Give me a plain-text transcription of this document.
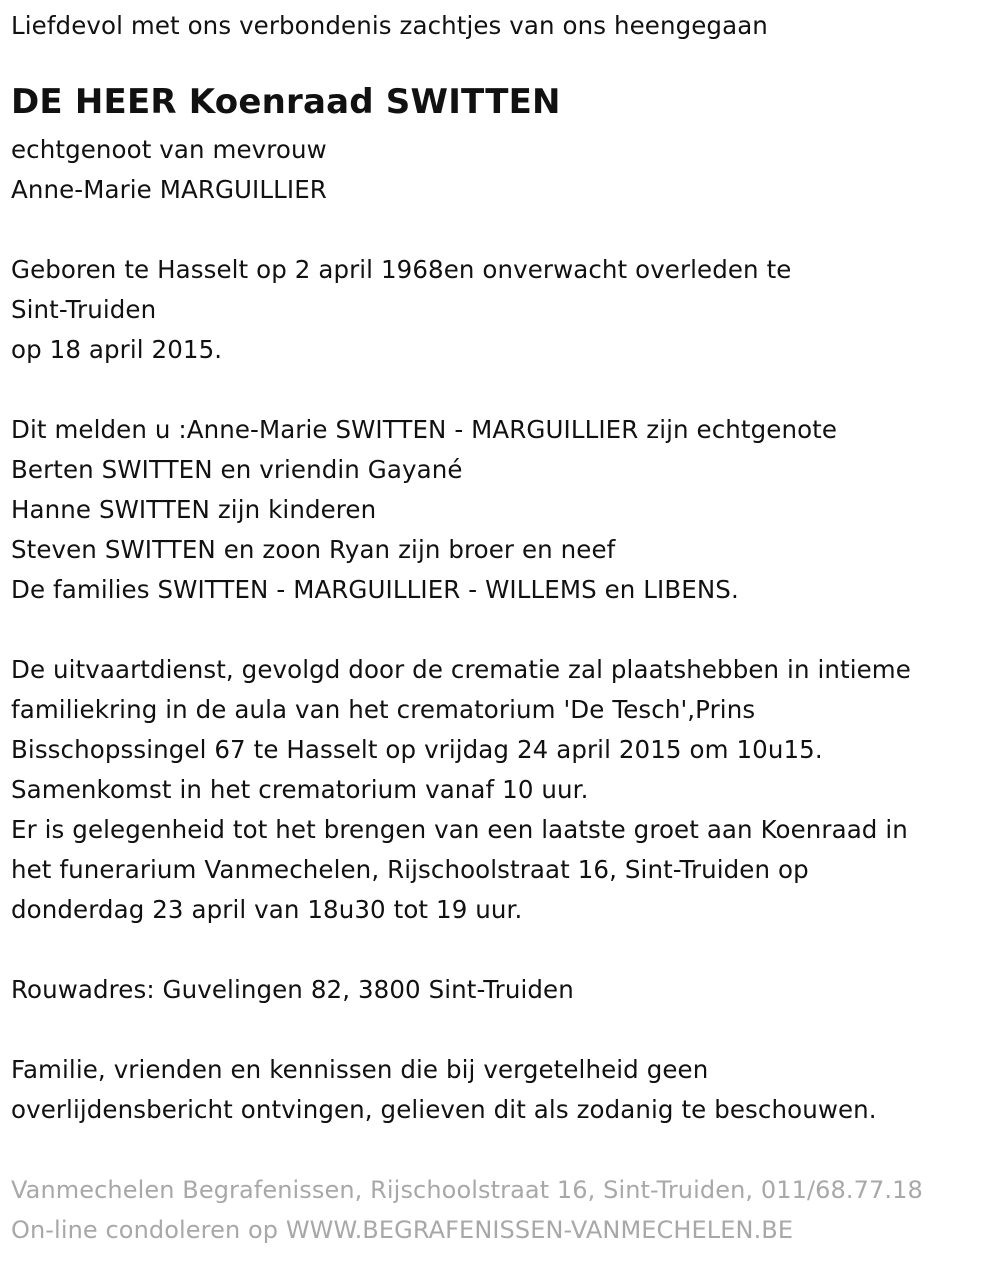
Liefdevol met ons verbondenis zachtjes van ons heengegaan
DE HEER Koenraad SWITTEN
echtgenoot van mevrouw
Anne-Marie MARGUILLIER
Geboren te Hasselt op 2 april 1968en onverwacht overleden te
Sint-Truiden
op 18 april 2015.
Dit melden u :Anne-Marie SWITTEN - MARGUILLIER zijn echtgenote
Berten SWITTEN en vriendin Gayané
Hanne SWITTEN zijn kinderen
Steven SWITTEN en zoon Ryan zijn broer en neef
De families SWITTEN - MARGUILLIER - WILLEMS en LIBENS.
De uitvaartdienst, gevolgd door de crematie zal plaatshebben in intieme
familiekring in de aula van het crematorium 'De Tesch',Prins
Bisschopssingel 67 te Hasselt op vrijdag 24 april 2015 om 10u15.
Samenkomst in het crematorium vanaf 10 uur.
Er is gelegenheid tot het brengen van een laatste groet aan Koenraad in
het funerarium Vanmechelen, Rijschoolstraat 16, Sint-Truiden op
donderdag 23 april van 18u30 tot 19 uur.
Rouwadres: Guvelingen 82, 3800 Sint-Truiden
Familie, vrienden en kennissen die bij vergetelheid geen
overlijdensbericht ontvingen, gelieven dit als zodanig te beschouwen.
Vanmechelen Begrafenissen, Rijschoolstraat 16, Sint-Truiden, 011/68.77.18
On-line condoleren op WWW.BEGRAFENISSEN-VANMECHELEN.BE
